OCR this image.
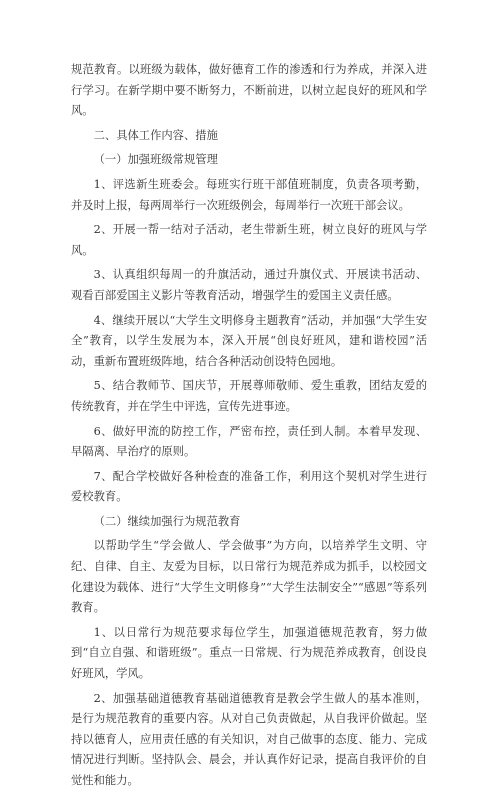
规范教育。以班级为载体，做好德育工作的渗透和行为养成，并深入进行学习。在新学期中要不断努力，不断前进，以树立起良好的班风和学风。

二、具体工作内容、措施

（一）加强班级常规管理

1、评选新生班委会。每班实行班干部值班制度，负责各项考勤，并及时上报，每两周举行一次班级例会，每周举行一次班干部会议。

2、开展一帮一结对子活动，老生带新生班，树立良好的班风与学风。

3、认真组织每周一的升旗活动，通过升旗仪式、开展读书活动、观看百部爱国主义影片等教育活动，增强学生的爱国主义责任感。

4、继续开展以“大学生文明修身主题教育”活动，并加强“大学生安全”教育，以学生发展为本，深入开展“创良好班风，建和谐校园”活动，重新布置班级阵地，结合各种活动创设特色园地。

5、结合教师节、国庆节，开展尊师敬师、爱生重教，团结友爱的传统教育，并在学生中评选，宣传先进事迹。

6、做好甲流的防控工作，严密布控，责任到人制。本着早发现、早隔离、早治疗的原则。

7、配合学校做好各种检查的准备工作，利用这个契机对学生进行爱校教育。

（二）继续加强行为规范教育

以帮助学生“学会做人、学会做事”为方向，以培养学生文明、守纪、自律、自主、友爱为目标，以日常行为规范养成为抓手，以校园文化建设为载体、进行“大学生文明修身”“大学生法制安全”“感恩”等系列教育。

1、以日常行为规范要求每位学生，加强道德规范教育，努力做到“自立自强、和谐班级”。重点一日常规、行为规范养成教育，创设良好班风，学风。

2、加强基础道德教育基础道德教育是教会学生做人的基本准则，是行为规范教育的重要内容。从对自己负责做起，从自我评价做起。坚持以德育人，应用责任感的有关知识，对自己做事的态度、能力、完成情况进行判断。坚持队会、晨会，并认真作好记录，提高自我评价的自觉性和能力。
